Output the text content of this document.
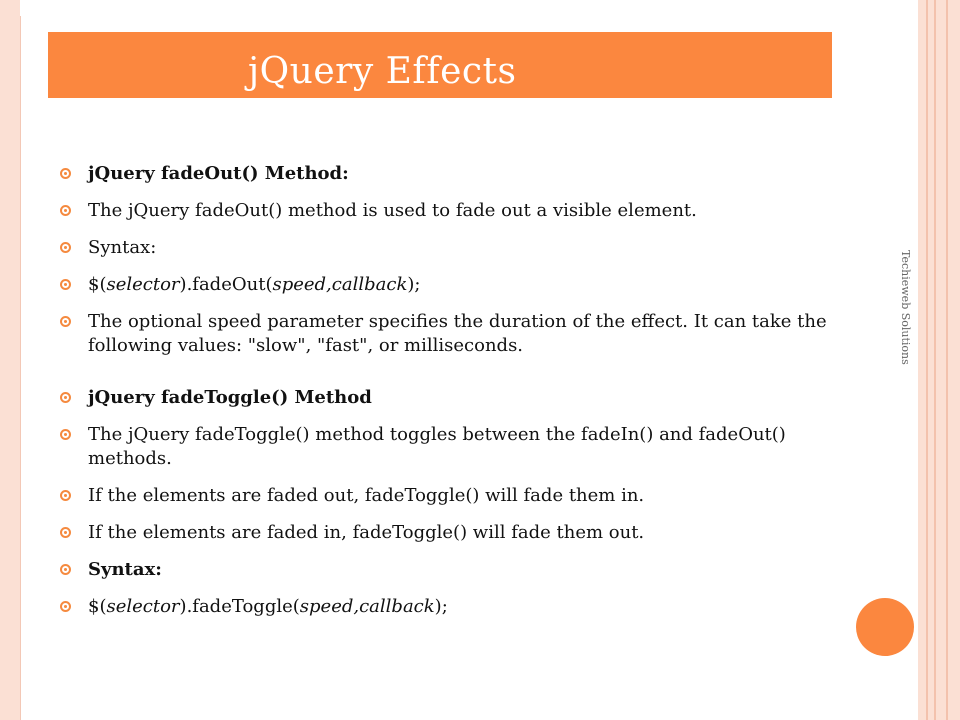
jQuery Effects
Techieweb Solutions
jQuery fadeOut() Method:
The jQuery fadeOut() method is used to fade out a visible element.
Syntax:
$(selector).fadeOut(speed,callback);
The optional speed parameter specifies the duration of the effect. It can take the following values: "slow", "fast", or milliseconds.
jQuery fadeToggle() Method
The jQuery fadeToggle() method toggles between the fadeIn() and fadeOut() methods.
If the elements are faded out, fadeToggle() will fade them in.
If the elements are faded in, fadeToggle() will fade them out.
Syntax:
$(selector).fadeToggle(speed,callback);
